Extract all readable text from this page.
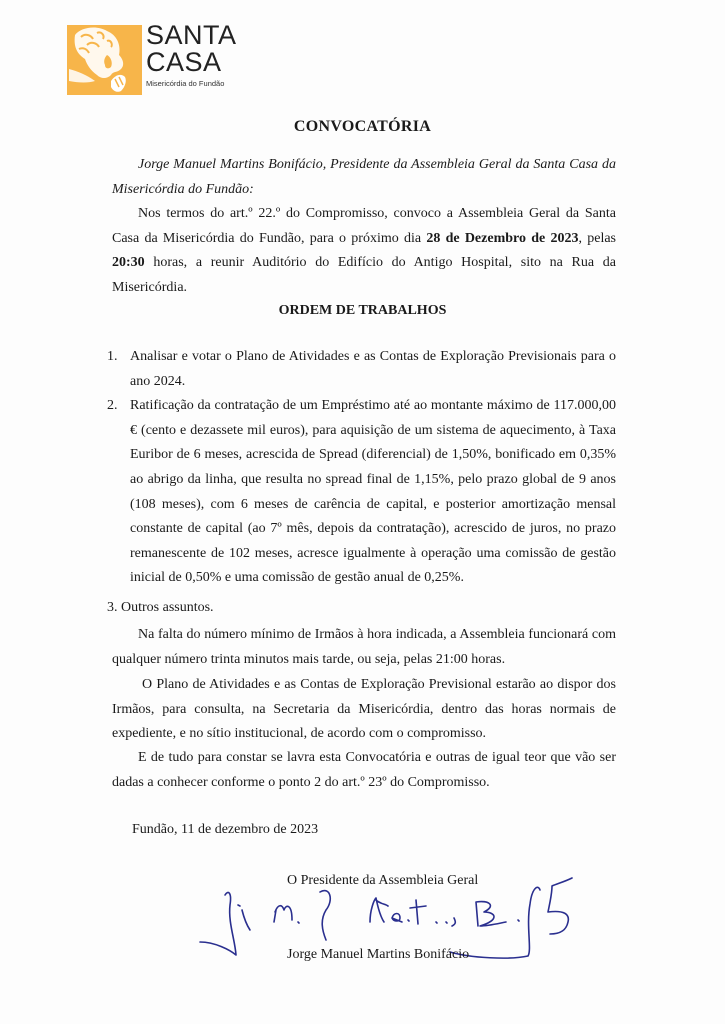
SANTA
CASA
Misericórdia do Fundão
CONVOCATÓRIA
Jorge Manuel Martins Bonifácio, Presidente da Assembleia Geral da Santa Casa da Misericórdia do Fundão:
Nos termos do art.º 22.º do Compromisso, convoco a Assembleia Geral da Santa Casa da Misericórdia do Fundão, para o próximo dia 28 de Dezembro de 2023, pelas 20:30 horas, a reunir Auditório do Edifício do Antigo Hospital, sito na Rua da Misericórdia.
ORDEM DE TRABALHOS
1. Analisar e votar o Plano de Atividades e as Contas de Exploração Previsionais para o ano 2024.
2. Ratificação da contratação de um Empréstimo até ao montante máximo de 117.000,00 € (cento e dezassete mil euros), para aquisição de um sistema de aquecimento, à Taxa Euribor de 6 meses, acrescida de Spread (diferencial) de 1,50%, bonificado em 0,35% ao abrigo da linha, que resulta no spread final de 1,15%, pelo prazo global de 9 anos (108 meses), com 6 meses de carência de capital, e posterior amortização mensal constante de capital (ao 7º mês, depois da contratação), acrescido de juros, no prazo remanescente de 102 meses, acresce igualmente à operação uma comissão de gestão inicial de 0,50% e uma comissão de gestão anual de 0,25%.
3. Outros assuntos.
Na falta do número mínimo de Irmãos à hora indicada, a Assembleia funcionará com qualquer número trinta minutos mais tarde, ou seja, pelas 21:00 horas.
O Plano de Atividades e as Contas de Exploração Previsional estarão ao dispor dos Irmãos, para consulta, na Secretaria da Misericórdia, dentro das horas normais de expediente, e no sítio institucional, de acordo com o compromisso.
E de tudo para constar se lavra esta Convocatória e outras de igual teor que vão ser dadas a conhecer conforme o ponto 2 do art.º 23º do Compromisso.
Fundão, 11 de dezembro de 2023
O Presidente da Assembleia Geral
Jorge Manuel Martins Bonifácio
